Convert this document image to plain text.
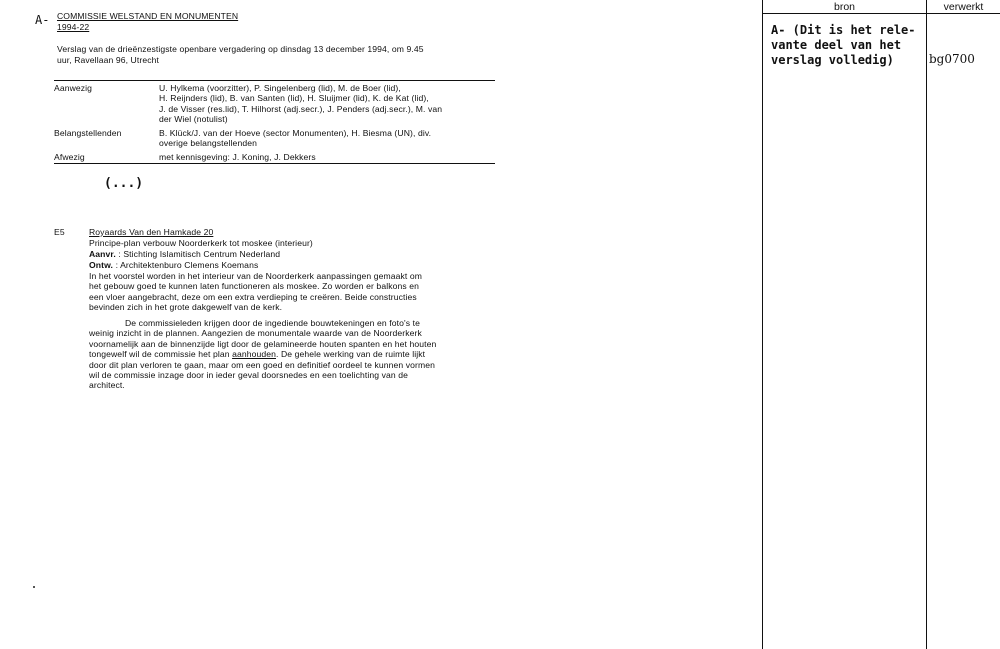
A- COMMISSIE WELSTAND EN MONUMENTEN
1994-22
Verslag van de drieënzestigste openbare vergadering op dinsdag 13 december 1994, om 9.45
uur, Ravellaan 96, Utrecht
Aanwezig	U. Hylkema (voorzitter), P. Singelenberg (lid), M. de Boer (lid),
H. Reijnders (lid), B. van Santen (lid), H. Sluijmer (lid), K. de Kat (lid),
J. de Visser (res.lid), T. Hilhorst (adj.secr.), J. Penders (adj.secr.), M. van
der Wiel (notulist)
Belangstellenden	B. Klück/J. van der Hoeve (sector Monumenten), H. Biesma (UN), div.
overige belangstellenden
Afwezig	met kennisgeving: J. Koning, J. Dekkers
(...)
E5	Royaards Van den Hamkade 20
Principe-plan verbouw Noorderkerk tot moskee (interieur)
Aanvr. : Stichting Islamitisch Centrum Nederland
Ontw. : Architektenburo Clemens Koemans
In het voorstel worden in het interieur van de Noorderkerk aanpassingen gemaakt om
het gebouw goed te kunnen laten functioneren als moskee. Zo worden er balkons en
een vloer aangebracht, deze om een extra verdieping te creëren. Beide constructies
bevinden zich in het grote dakgewelf van de kerk.
De commissieleden krijgen door de ingediende bouwtekeningen en foto's te
weinig inzicht in de plannen. Aangezien de monumentale waarde van de Noorderkerk
voornamelijk aan de binnenzijde ligt door de gelamineerde houten spanten en het houten
tongewelf wil de commissie het plan aanhouden. De gehele werking van de ruimte lijkt
door dit plan verloren te gaan, maar om een goed en definitief oordeel te kunnen vormen
wil de commissie inzage door in ieder geval doorsnedes en een toelichting van de
architect.
bron	verwerkt
A- (Dit is het rele-
vante deel van het
verslag volledig)	bg0700
